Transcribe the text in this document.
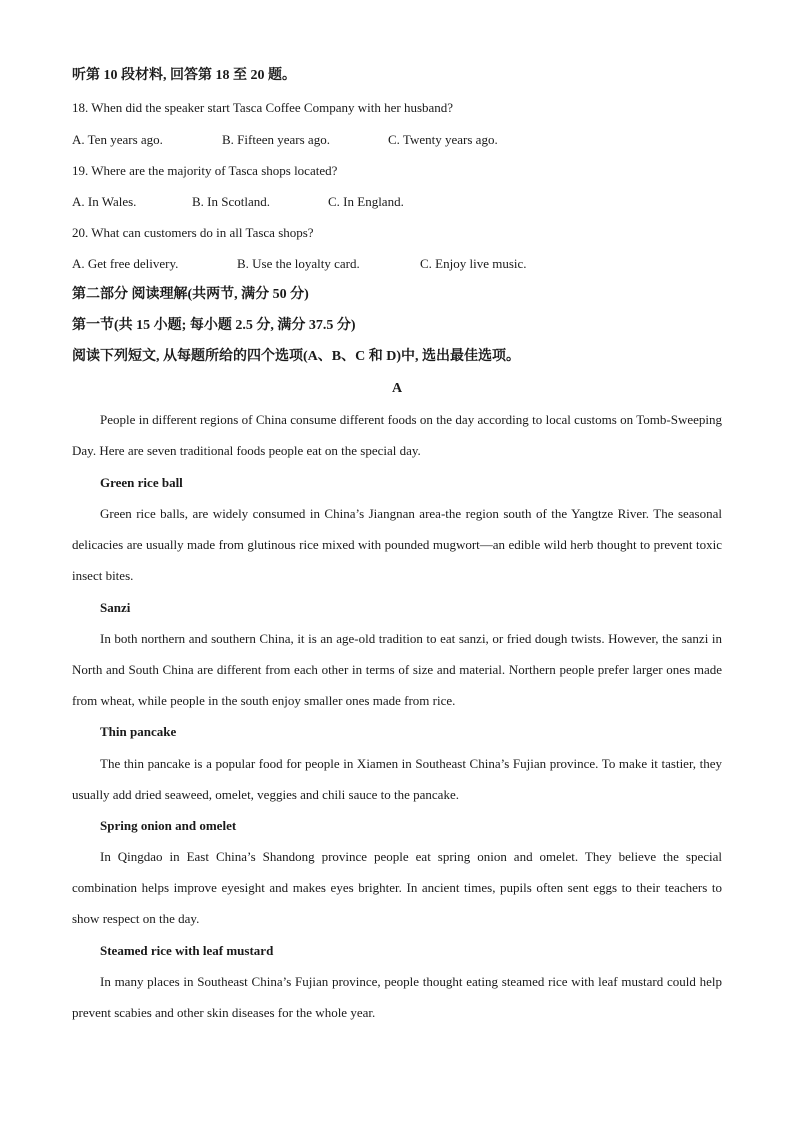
听第 10 段材料, 回答第 18 至 20 题。
18. When did the speaker start Tasca Coffee Company with her husband?
A. Ten years ago.	B. Fifteen years ago.	C. Twenty years ago.
19. Where are the majority of Tasca shops located?
A. In Wales.	B. In Scotland.	C. In England.
20. What can customers do in all Tasca shops?
A. Get free delivery.	B. Use the loyalty card.	C. Enjoy live music.
第二部分 阅读理解(共两节, 满分 50 分)
第一节(共 15 小题; 每小题 2.5 分, 满分 37.5 分)
阅读下列短文, 从每题所给的四个选项(A、B、C 和 D)中, 选出最佳选项。
A
People in different regions of China consume different foods on the day according to local customs on Tomb-Sweeping Day. Here are seven traditional foods people eat on the special day.
Green rice ball
Green rice balls, are widely consumed in China’s Jiangnan area-the region south of the Yangtze River. The seasonal delicacies are usually made from glutinous rice mixed with pounded mugwort—an edible wild herb thought to prevent toxic insect bites.
Sanzi
In both northern and southern China, it is an age-old tradition to eat sanzi, or fried dough twists. However, the sanzi in North and South China are different from each other in terms of size and material. Northern people prefer larger ones made from wheat, while people in the south enjoy smaller ones made from rice.
Thin pancake
The thin pancake is a popular food for people in Xiamen in Southeast China’s Fujian province. To make it tastier, they usually add dried seaweed, omelet, veggies and chili sauce to the pancake.
Spring onion and omelet
In Qingdao in East China’s Shandong province people eat spring onion and omelet. They believe the special combination helps improve eyesight and makes eyes brighter. In ancient times, pupils often sent eggs to their teachers to show respect on the day.
Steamed rice with leaf mustard
In many places in Southeast China’s Fujian province, people thought eating steamed rice with leaf mustard could help prevent scabies and other skin diseases for the whole year.
